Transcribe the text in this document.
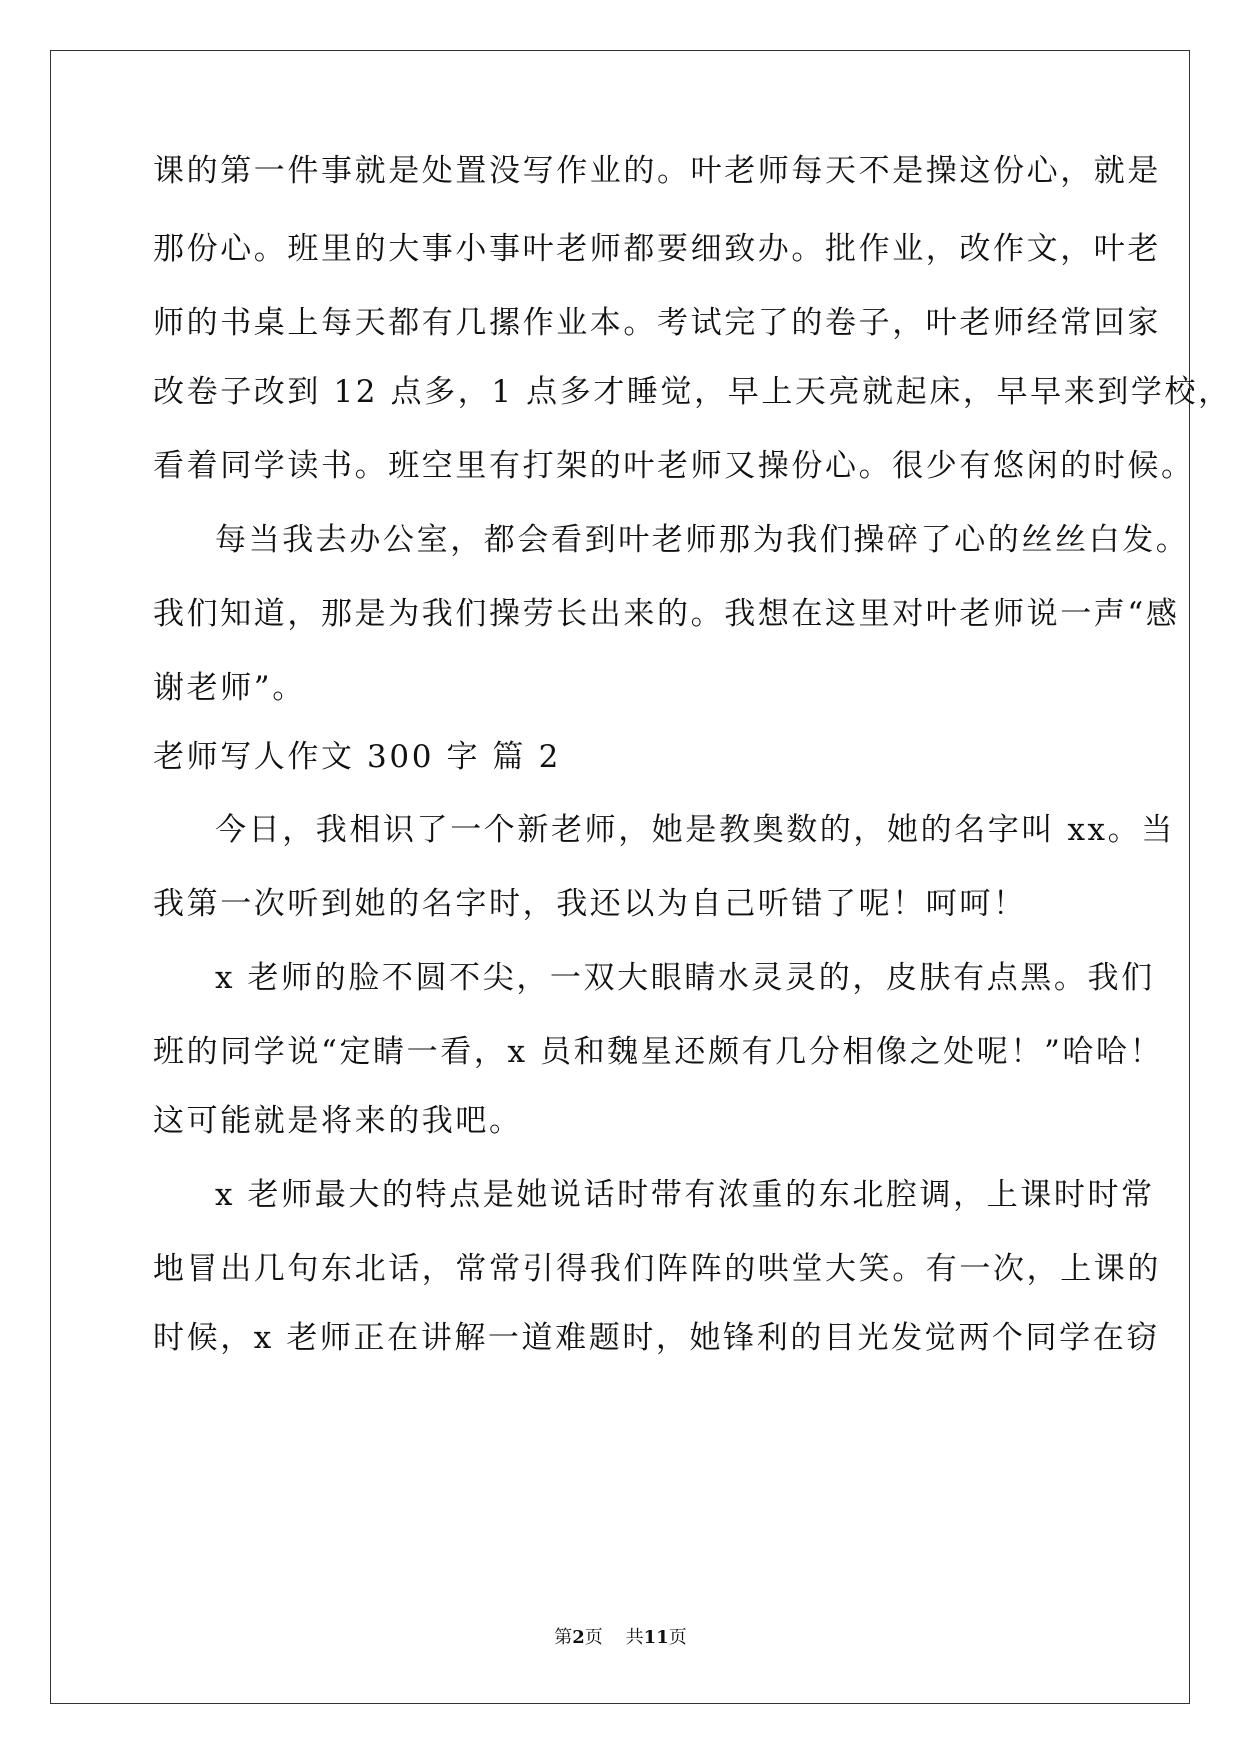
课的第一件事就是处置没写作业的。叶老师每天不是操这份心，就是
那份心。班里的大事小事叶老师都要细致办。批作业，改作文，叶老
师的书桌上每天都有几摞作业本。考试完了的卷子，叶老师经常回家
改卷子改到 12 点多，1 点多才睡觉，早上天亮就起床，早早来到学校，
看着同学读书。班空里有打架的叶老师又操份心。很少有悠闲的时候。
每当我去办公室，都会看到叶老师那为我们操碎了心的丝丝白发。
我们知道，那是为我们操劳长出来的。我想在这里对叶老师说一声“感
谢老师”。
老师写人作文 300 字 篇 2
今日，我相识了一个新老师，她是教奥数的，她的名字叫 xx。当
我第一次听到她的名字时，我还以为自己听错了呢！呵呵！
x 老师的脸不圆不尖，一双大眼睛水灵灵的，皮肤有点黑。我们
班的同学说“定睛一看，x 员和魏星还颇有几分相像之处呢！”哈哈！
这可能就是将来的我吧。
x 老师最大的特点是她说话时带有浓重的东北腔调，上课时时常
地冒出几句东北话，常常引得我们阵阵的哄堂大笑。有一次，上课的
时候，x 老师正在讲解一道难题时，她锋利的目光发觉两个同学在窃
第2页 共11页
